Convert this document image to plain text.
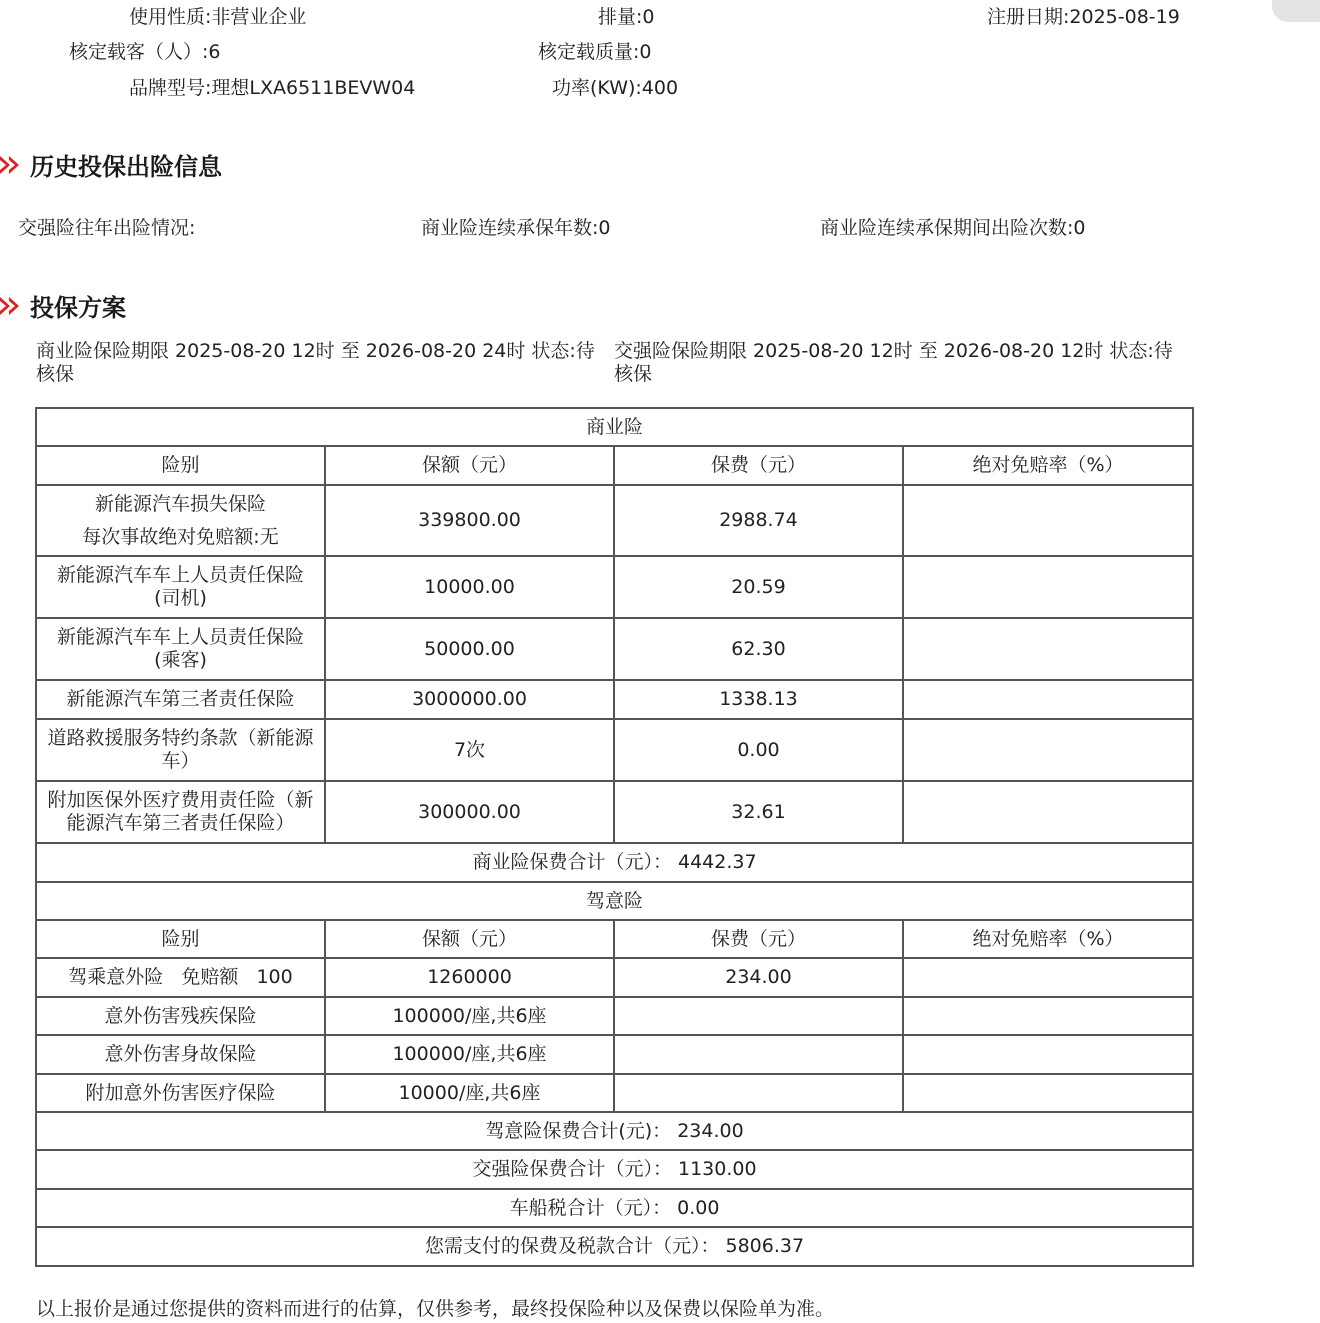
使用性质:非营业企业	排量:0	注册日期:2025-08-19
核定载客（人）:6	核定载质量:0
品牌型号:理想LXA6511BEVW04	功率(KW):400
历史投保出险信息
交强险往年出险情况:	商业险连续承保年数:0	商业险连续承保期间出险次数:0
投保方案
商业险保险期限 2025-08-20 12时 至 2026-08-20 24时 状态:待
核保
交强险保险期限 2025-08-20 12时 至 2026-08-20 12时 状态:待
核保
商业险			
险别	保额（元）	保费（元）	绝对免赔率（%）

新能源汽车损失保险
每次事故绝对免赔额:无	339800.00	2988.74	

新能源汽车车上人员责任保险
(司机)	10000.00	20.59	

新能源汽车车上人员责任保险
(乘客)	50000.00	62.30	
新能源汽车第三者责任保险	3000000.00	1338.13	

道路救援服务特约条款（新能源
车）	7次	0.00	

附加医保外医疗费用责任险（新
能源汽车第三者责任保险）	300000.00	32.61	
商业险保费合计（元）： 4442.37			
驾意险			
险别	保额（元）	保费（元）	绝对免赔率（%）
驾乘意外险   免赔额   100	1260000	234.00	
意外伤害残疾保险	100000/座,共6座		
意外伤害身故保险	100000/座,共6座		
附加意外伤害医疗保险	10000/座,共6座		
驾意险保费合计(元)： 234.00			
交强险保费合计（元）： 1130.00			
车船税合计（元）： 0.00			
您需支付的保费及税款合计（元）： 5806.37			
以上报价是通过您提供的资料而进行的估算，仅供参考，最终投保险种以及保费以保险单为准。
